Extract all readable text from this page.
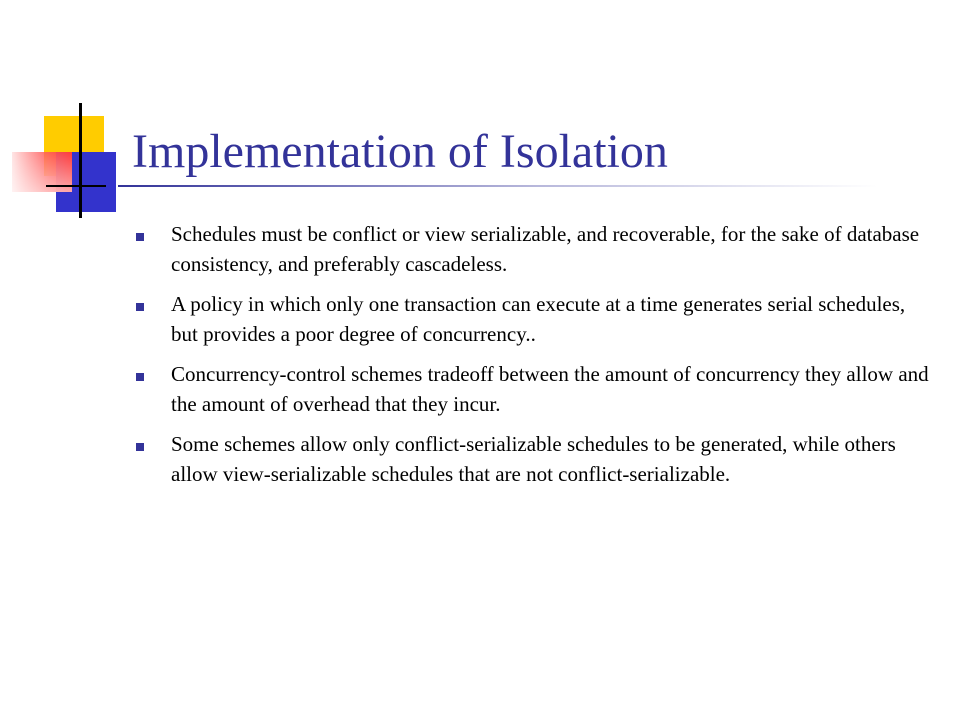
Implementation of Isolation
Schedules must be conflict or view serializable, and recoverable, for the sake of database consistency, and preferably cascadeless.
A policy in which only one transaction can execute at a time generates serial schedules, but provides a poor degree of concurrency..
Concurrency-control schemes tradeoff between the amount of concurrency they allow and the amount of overhead that they incur.
Some schemes allow only conflict-serializable schedules to be generated, while others allow view-serializable schedules that are not conflict-serializable.
